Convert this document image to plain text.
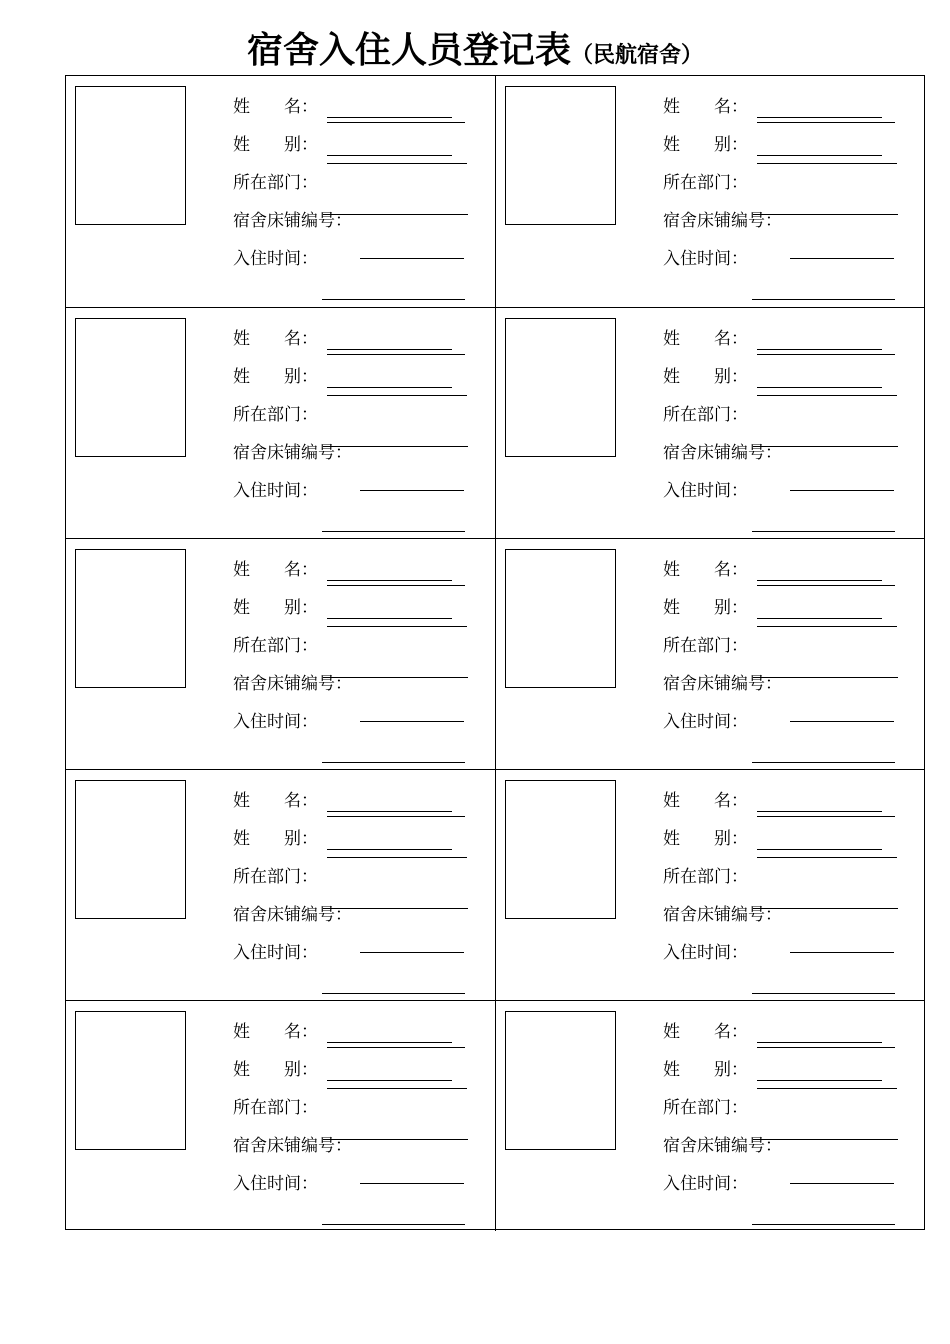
宿舍入住人员登记表（民航宿舍）
姓　　名：
姓　　别：
所在部门：
宿舍床铺编号：
入住时间：
姓　　名：
姓　　别：
所在部门：
宿舍床铺编号：
入住时间：
姓　　名：
姓　　别：
所在部门：
宿舍床铺编号：
入住时间：
姓　　名：
姓　　别：
所在部门：
宿舍床铺编号：
入住时间：
姓　　名：
姓　　别：
所在部门：
宿舍床铺编号：
入住时间：
姓　　名：
姓　　别：
所在部门：
宿舍床铺编号：
入住时间：
姓　　名：
姓　　别：
所在部门：
宿舍床铺编号：
入住时间：
姓　　名：
姓　　别：
所在部门：
宿舍床铺编号：
入住时间：
姓　　名：
姓　　别：
所在部门：
宿舍床铺编号：
入住时间：
姓　　名：
姓　　别：
所在部门：
宿舍床铺编号：
入住时间：
